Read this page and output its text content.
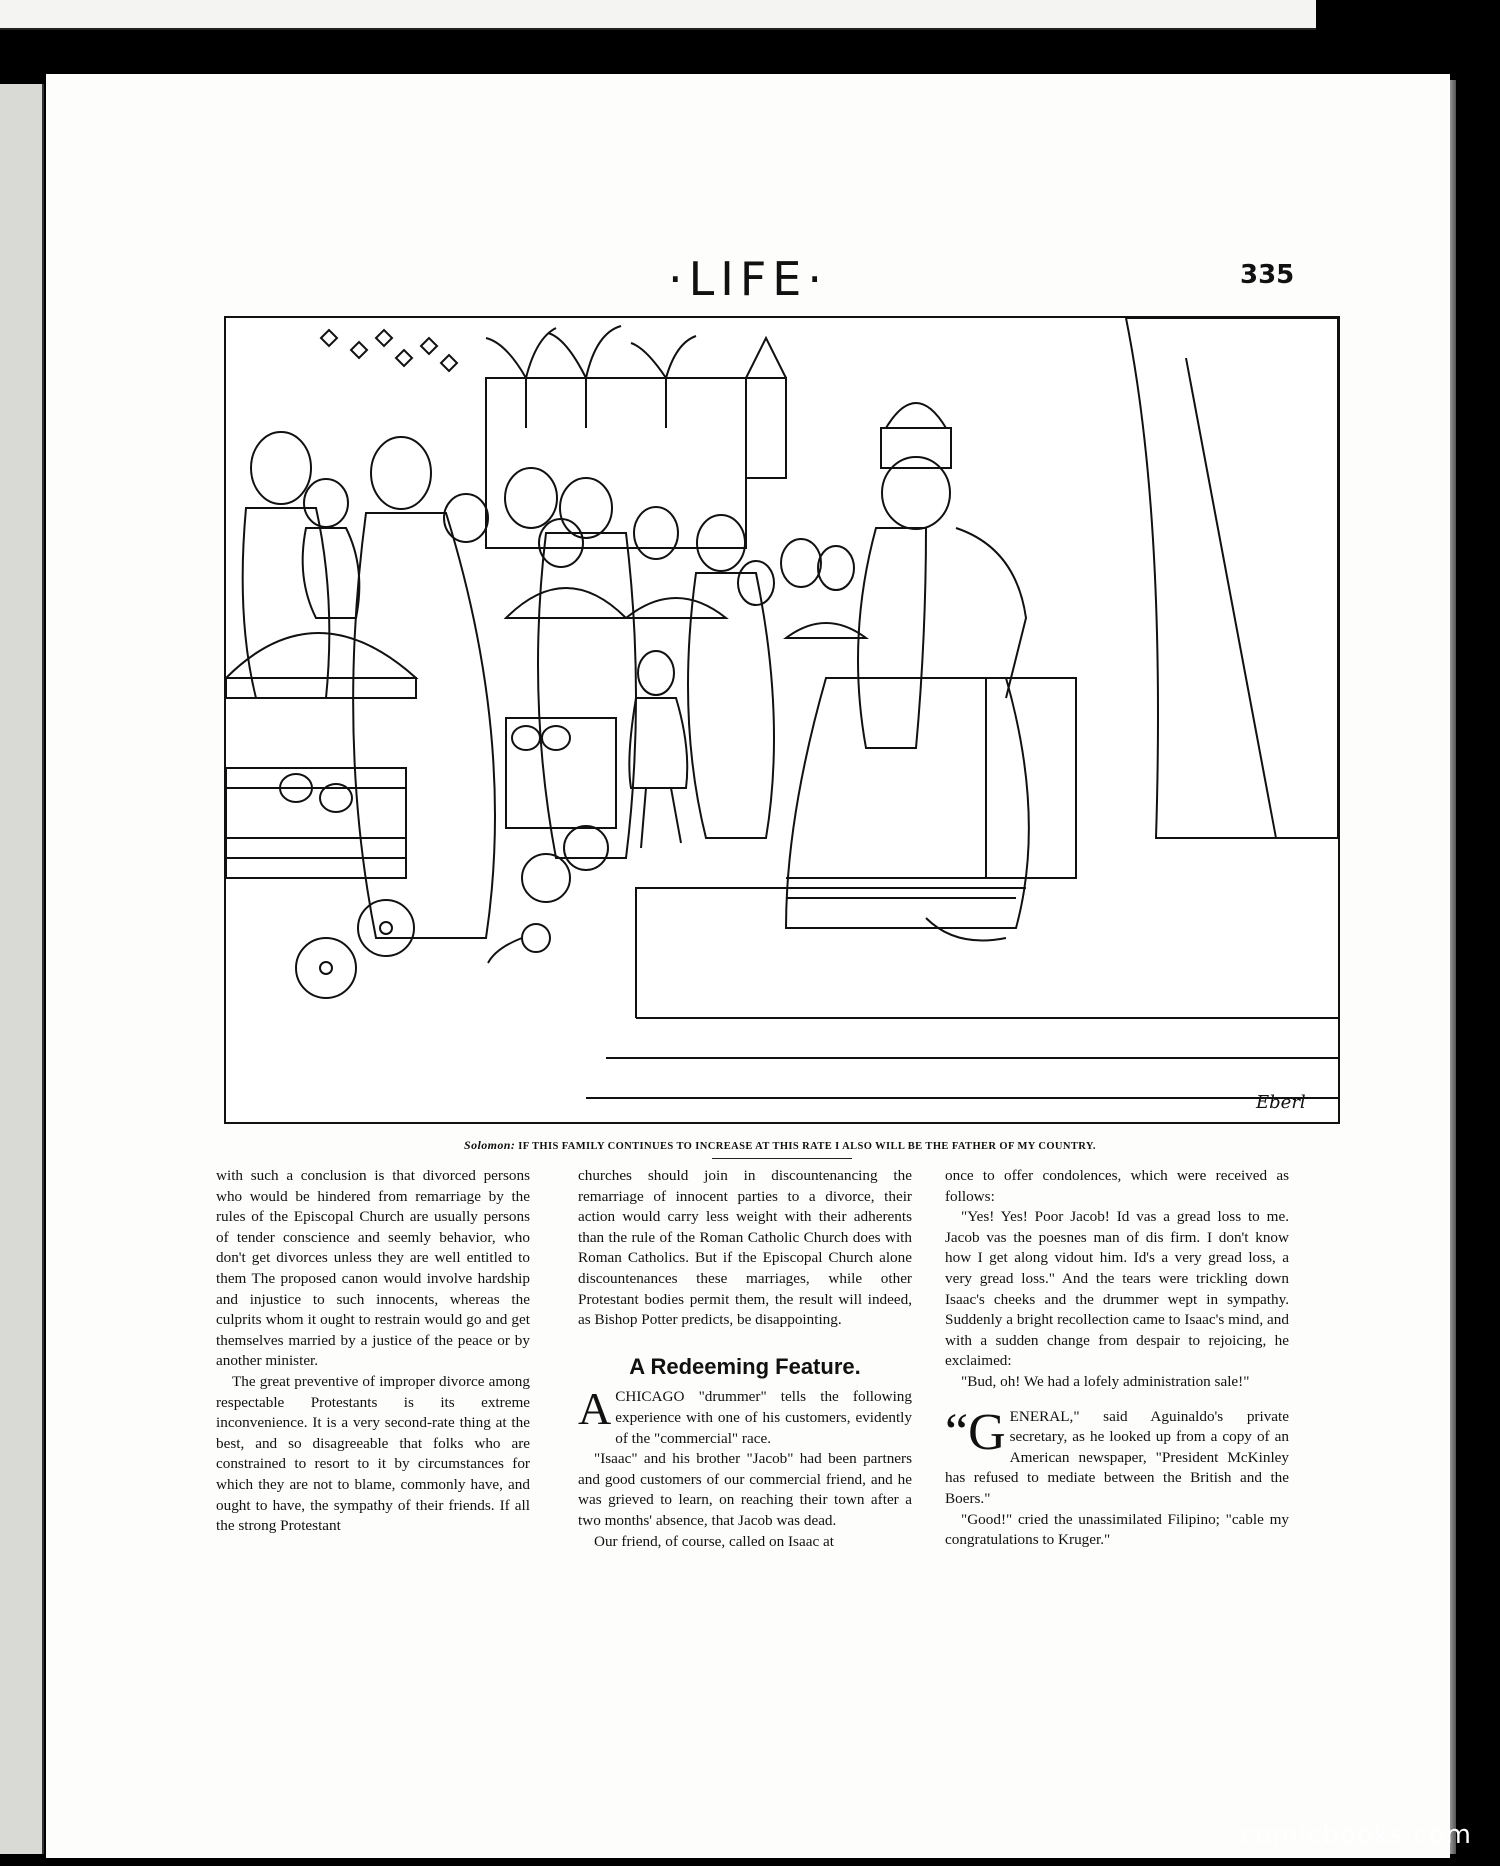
·LIFE·	335
Eberl
Solomon: IF THIS FAMILY CONTINUES TO INCREASE AT THIS RATE I ALSO WILL BE THE FATHER OF MY COUNTRY.

with such a conclusion is that divorced persons who would be hindered from remarriage by the rules of the Episcopal Church are usually persons of tender conscience and seemly behavior, who don't get divorces unless they are well entitled to them The proposed canon would involve hardship and injustice to such innocents, whereas the culprits whom it ought to restrain would go and get themselves married by a justice of the peace or by another minister.

The great preventive of improper divorce among respectable Protestants is its extreme inconvenience. It is a very second-rate thing at the best, and so disagreeable that folks who are constrained to resort to it by circumstances for which they are not to blame, commonly have, and ought to have, the sympathy of their friends. If all the strong Protestant

churches should join in discountenancing the remarriage of innocent parties to a divorce, their action would carry less weight with their adherents than the rule of the Roman Catholic Church does with Roman Catholics. But if the Episcopal Church alone discountenances these marriages, while other Protestant bodies permit them, the result will indeed, as Bishop Potter predicts, be disappointing.

A Redeeming Feature.

ACHICAGO "drummer" tells the following experience with one of his customers, evidently of the "commercial" race.

"Isaac" and his brother "Jacob" had been partners and good customers of our commercial friend, and he was grieved to learn, on reaching their town after a two months' absence, that Jacob was dead.

Our friend, of course, called on Isaac at

once to offer condolences, which were received as follows:

"Yes! Yes! Poor Jacob! Id vas a gread loss to me. Jacob vas the poesnes man of dis firm. I don't know how I get along vidout him. Id's a very gread loss, a very gread loss." And the tears were trickling down Isaac's cheeks and the drummer wept in sympathy. Suddenly a bright recollection came to Isaac's mind, and with a sudden change from despair to rejoicing, he exclaimed:

"Bud, oh! We had a lofely administration sale!"

“GENERAL," said Aguinaldo's private secretary, as he looked up from a copy of an American newspaper, "President McKinley has refused to mediate between the British and the Boers."

"Good!" cried the unassimilated Filipino; "cable my congratulations to Kruger."

comicbooks.com
